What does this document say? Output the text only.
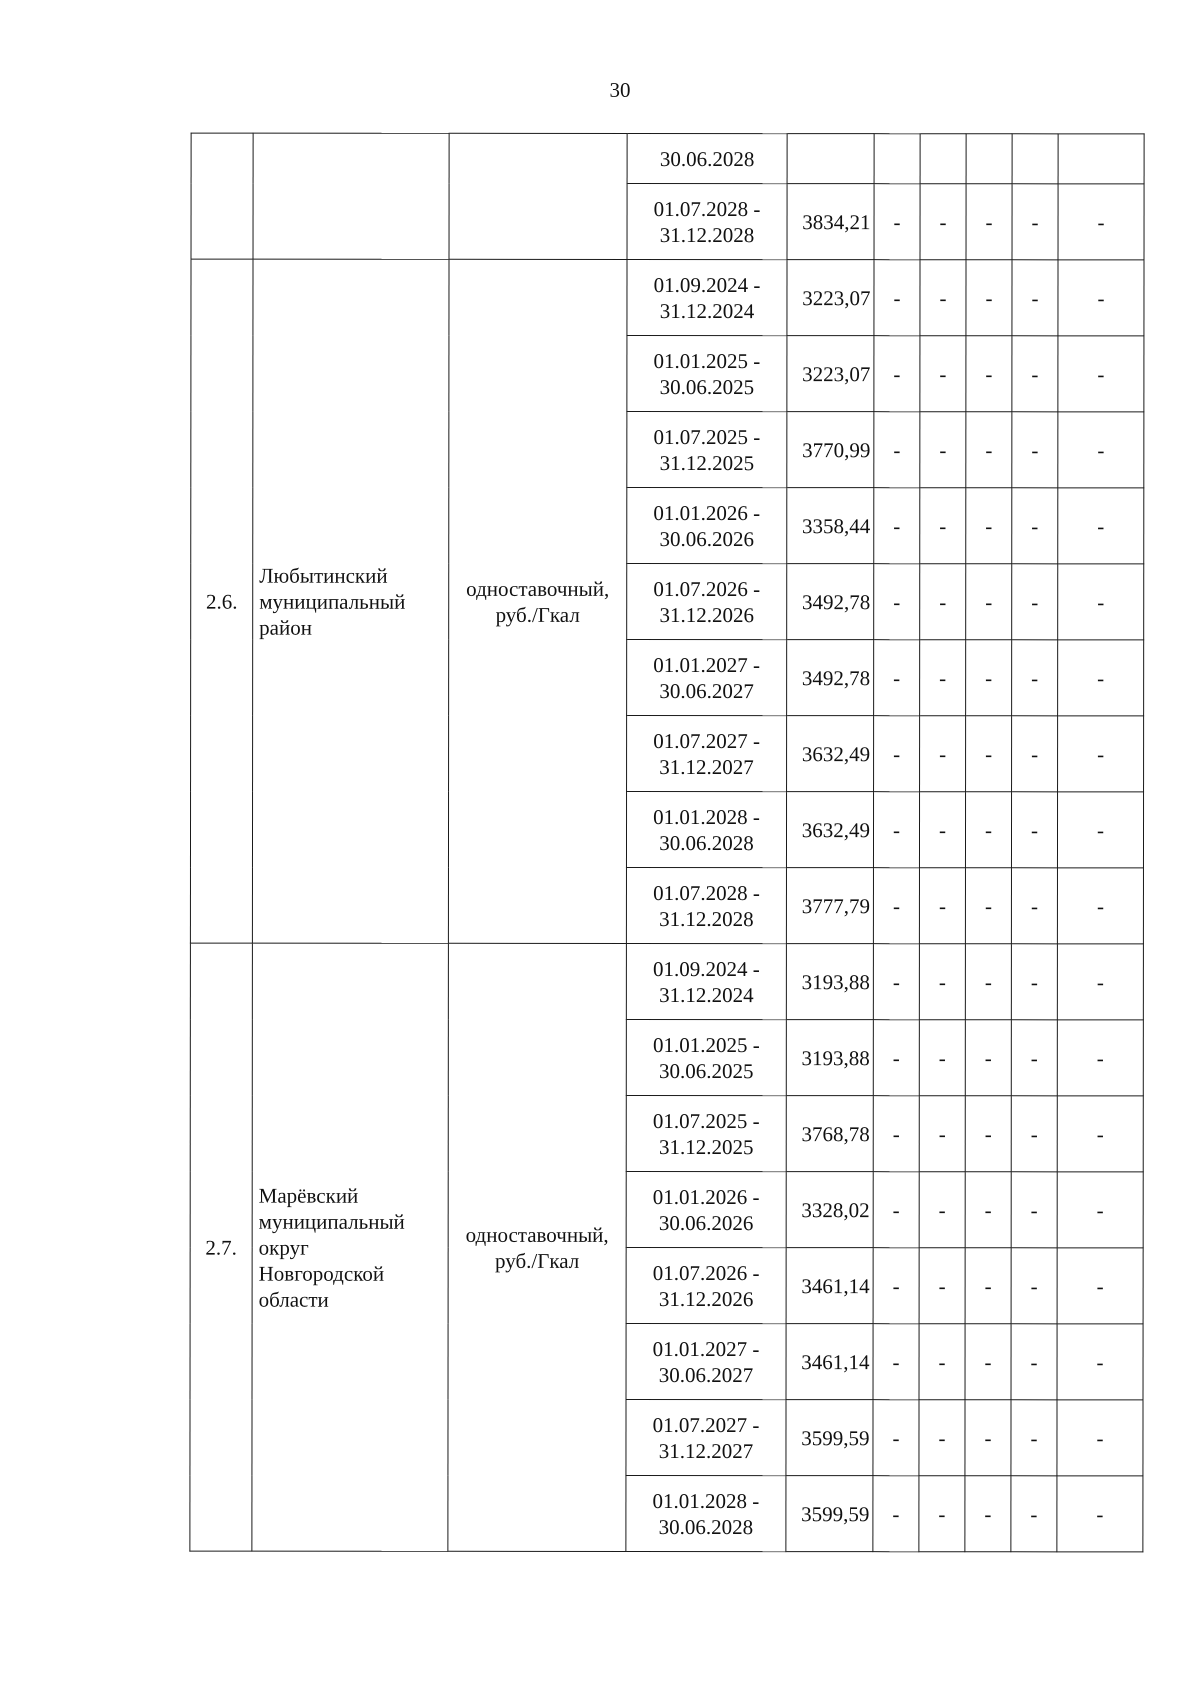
30

			30.06.2028						

			01.07.2028 -
31.12.2028	3834,21	-	-	-	-	-

2.6.	Любытинский
муниципальный
район	одноставочный,
руб./Гкал	01.09.2024 -
31.12.2024	3223,07	-	-	-	-	-

			01.01.2025 -
30.06.2025	3223,07	-	-	-	-	-

			01.07.2025 -
31.12.2025	3770,99	-	-	-	-	-

			01.01.2026 -
30.06.2026	3358,44	-	-	-	-	-

			01.07.2026 -
31.12.2026	3492,78	-	-	-	-	-

			01.01.2027 -
30.06.2027	3492,78	-	-	-	-	-

			01.07.2027 -
31.12.2027	3632,49	-	-	-	-	-

			01.01.2028 -
30.06.2028	3632,49	-	-	-	-	-

			01.07.2028 -
31.12.2028	3777,79	-	-	-	-	-

2.7.	Марёвский
муниципальный
округ
Новгородской
области	одноставочный,
руб./Гкал	01.09.2024 -
31.12.2024	3193,88	-	-	-	-	-

			01.01.2025 -
30.06.2025	3193,88	-	-	-	-	-

			01.07.2025 -
31.12.2025	3768,78	-	-	-	-	-

			01.01.2026 -
30.06.2026	3328,02	-	-	-	-	-

			01.07.2026 -
31.12.2026	3461,14	-	-	-	-	-

			01.01.2027 -
30.06.2027	3461,14	-	-	-	-	-

			01.07.2027 -
31.12.2027	3599,59	-	-	-	-	-

			01.01.2028 -
30.06.2028	3599,59	-	-	-	-	-
